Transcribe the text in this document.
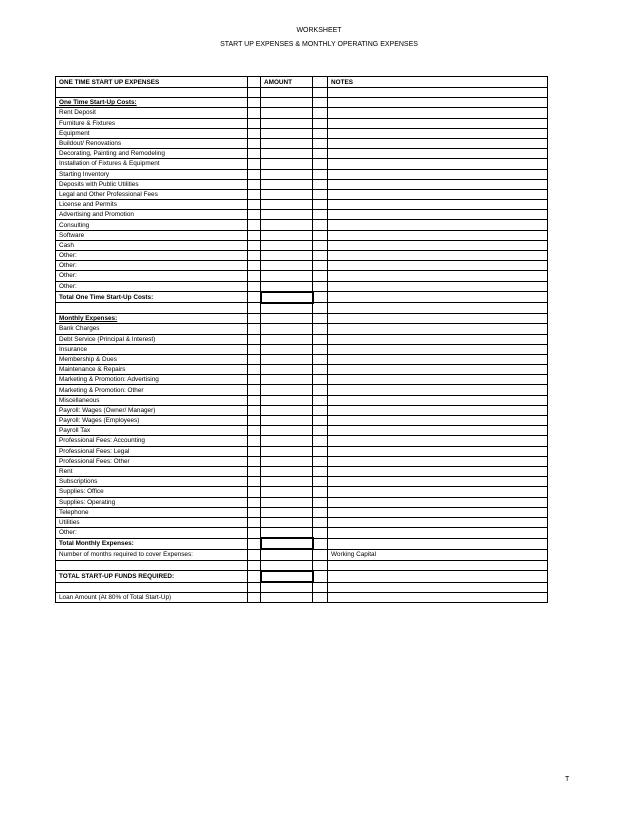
WORKSHEET
START UP EXPENSES & MONTHLY OPERATING EXPENSES
ONE TIME START UP EXPENSES		AMOUNT		NOTES

One Time Start-Up Costs:				
Rent Deposit				
Furniture & Fixtures				
Equipment				
Buildout/ Renovations				
Decorating, Painting and Remodeling				
Installation of Fixtures & Equipment				
Starting Inventory				
Deposits with Public Utilities				
Legal and Other Professional Fees				
License and Permits				
Advertising and Promotion				
Consulting				
Software				
Cash				
Other:				
Other:				
Other:				
Other:				
Total One Time Start-Up Costs:				

Monthly Expenses:				
Bank Charges				
Debt Service (Principal & Interest)				
Insurance				
Membership & Dues				
Maintenance & Repairs				
Marketing & Promotion: Advertising				
Marketing & Promotion: Other				
Miscellaneous				
Payroll: Wages (Owner/ Manager)				
Payroll: Wages (Employees)				
Payroll Tax				
Professional Fees: Accounting				
Professional Fees: Legal				
Professional Fees: Other				
Rent				
Subscriptions				
Supplies: Office				
Supplies: Operating				
Telephone				
Utilities				
Other:				
Total Monthly Expenses:				
Number of months required to cover Expenses:				Working Capital

TOTAL START-UP FUNDS REQUIRED:				

Loan Amount (At 80% of Total Start-Up)				
T
